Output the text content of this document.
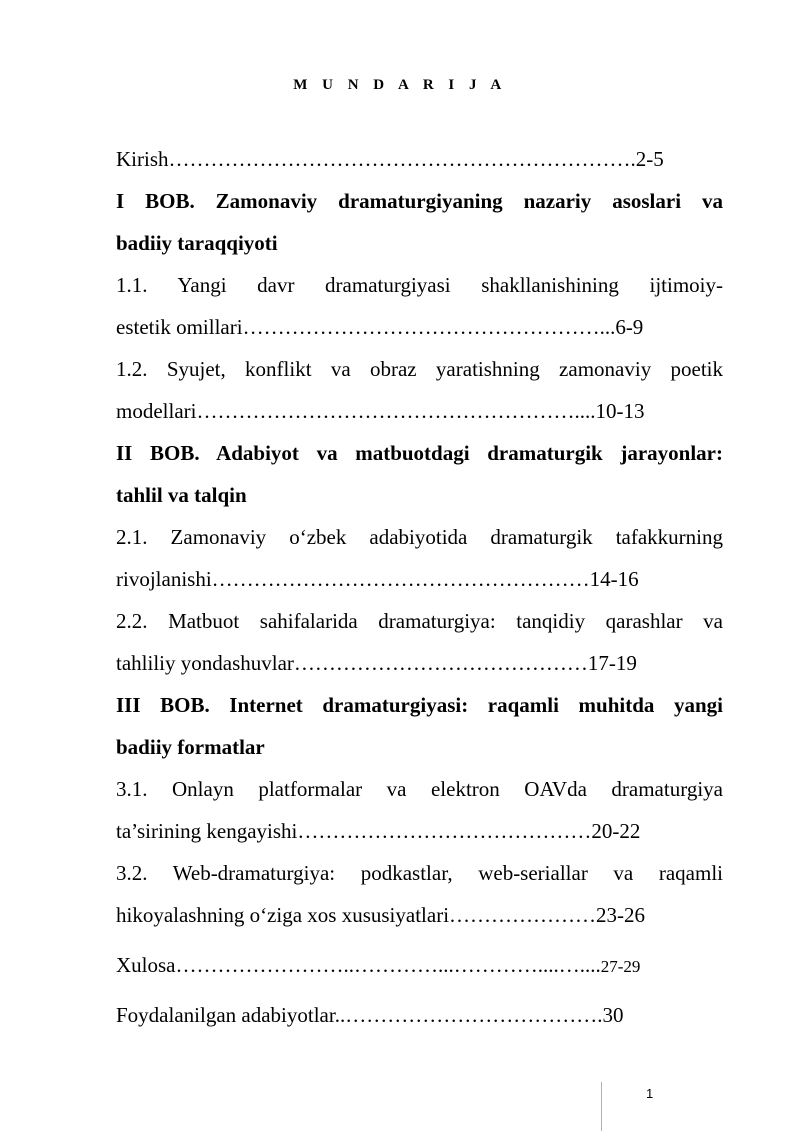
M U N D A R I J A
Kirish………………………………………………………….2-5
I BOB. Zamonaviy dramaturgiyaning nazariy asoslari va
badiiy taraqqiyoti
1.1. Yangi davr dramaturgiyasi shakllanishining ijtimoiy-
estetik omillari……………………………………………...6-9
1.2. Syujet, konflikt va obraz yaratishning zamonaviy poetik
modellari………………………………………………....10-13
II BOB. Adabiyot va matbuotdagi dramaturgik jarayonlar:
tahlil va talqin
2.1. Zamonaviy o‘zbek adabiyotida dramaturgik tafakkurning
rivojlanishi………………………………………………14-16
2.2. Matbuot sahifalarida dramaturgiya: tanqidiy qarashlar va
tahliliy yondashuvlar……………………………………17-19
III BOB. Internet dramaturgiyasi: raqamli muhitda yangi
badiiy formatlar
3.1. Onlayn platformalar va elektron OAVda dramaturgiya
ta’sirining kengayishi……………………………………20-22
3.2. Web-dramaturgiya: podkastlar, web-seriallar va raqamli
hikoyalashning o‘ziga xos xususiyatlari…………………23-26
Xulosa……………………..…………...…………....…....27-29
Foydalanilgan adabiyotlar..……………………………….30
1
